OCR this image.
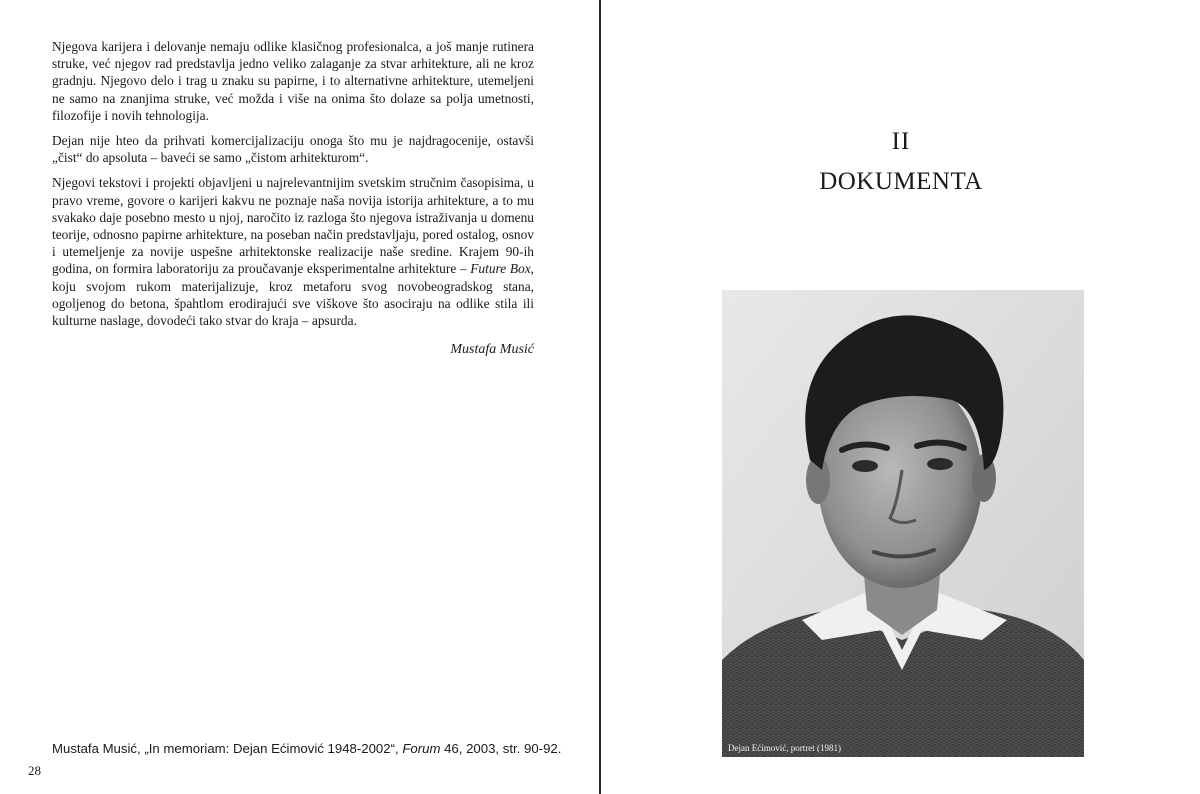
Njegova karijera i delovanje nemaju odlike klasičnog profesionalca, a još manje rutinera struke, već njegov rad predstavlja jedno veliko zalaganje za stvar arhitekture, ali ne kroz gradnju. Njegovo delo i trag u znaku su papirne, i to alternativne arhitekture, utemeljeni ne samo na znanjima struke, već možda i više na onima što dolaze sa polja umetnosti, filozofije i novih tehnologija.

Dejan nije hteo da prihvati komercijalizaciju onoga što mu je najdragocenije, ostavši „čist“ do apsoluta – baveći se samo „čistom arhitekturom“.

Njegovi tekstovi i projekti objavljeni u najrelevantnijim svetskim stručnim časopisima, u pravo vreme, govore o karijeri kakvu ne poznaje naša novija istorija arhitekture, a to mu svakako daje posebno mesto u njoj, naročito iz razloga što njegova istraživanja u domenu teorije, odnosno papirne arhitekture, na poseban način predstavljaju, pored ostalog, osnov i utemeljenje za novije uspešne arhitektonske realizacije naše sredine. Krajem 90-ih godina, on formira laboratoriju za proučavanje eksperimentalne arhitekture – Future Box, koju svojom rukom materijalizuje, kroz metaforu svog novobeogradskog stana, ogoljenog do betona, špahtlom erodirajući sve viškove što asociraju na odlike stila ili kulturne naslage, dovodeći tako stvar do kraja – apsurda.

Mustafa Musić
Mustafa Musić, „In memoriam: Dejan Ećimović 1948-2002“, Forum 46, 2003, str. 90-92.
28
II
DOKUMENTA
Dejan Ećimović, portret (1981)
